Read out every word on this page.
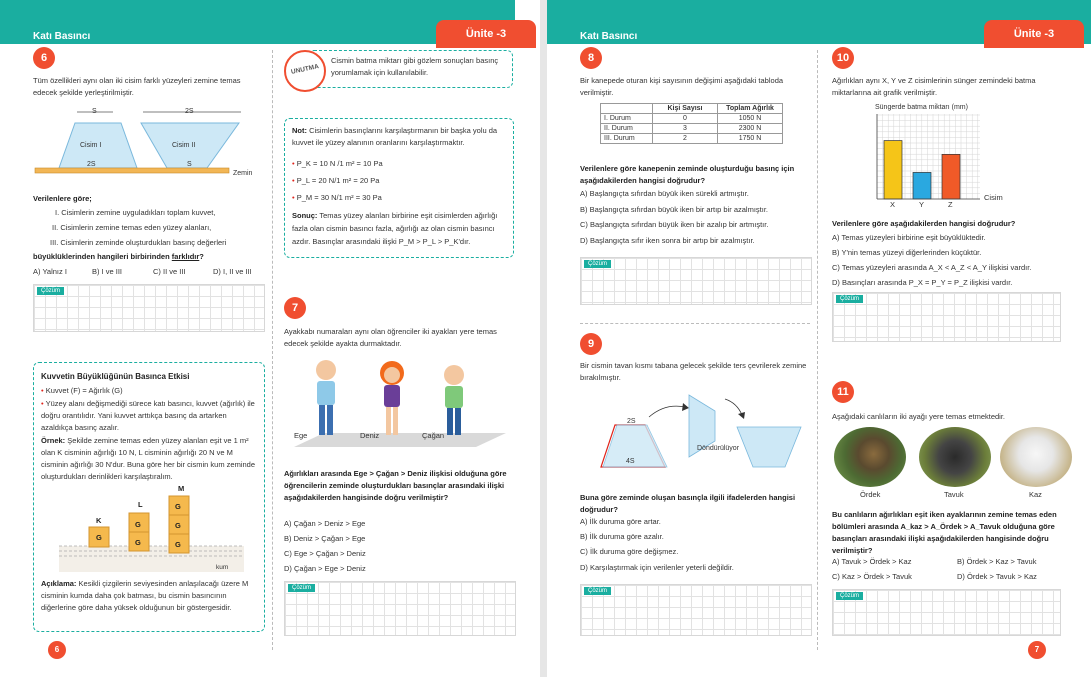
Katı Basıncı	Ünite -3
6
Tüm özellikleri aynı olan iki cisim farklı yüzeyleri zemine temas edecek şekilde yerleştirilmiştir.
S	2S
Cisim I	Cisim II
2S	S
Zemin
Verilenlere göre;
I. Cisimlerin zemine uyguladıkları toplam kuvvet,
II. Cisimlerin zemine temas eden yüzey alanları,
III. Cisimlerin zeminde oluşturdukları basınç değerleri
büyüklüklerinden hangileri birbirinden farklıdır?
A) Yalnız I	B) I ve III	C) II ve III	D) I, II ve III
Çözüm
Cismin batma miktarı gibi gözlem sonuçları basınç yorumlamak için kullanılabilir.
UNUTMA
Not: Cisimlerin basınçlarını karşılaştırmanın bir başka yolu da kuvvet ile yüzey alanının oranlarını karşılaştırmaktır.
• P_K = 10 N /1 m² = 10 Pa
• P_L = 20 N/1 m² = 20 Pa
• P_M = 30 N/1 m² = 30 Pa
Sonuç: Temas yüzey alanları birbirine eşit cisimlerden ağırlığı fazla olan cismin basıncı fazla, ağırlığı az olan cismin basıncı azdır. Basınçlar arasındaki ilişki P_M > P_L > P_K'dır.
Kuvvetin Büyüklüğünün Basınca Etkisi
• Kuvvet (F) = Ağırlık (G)
• Yüzey alanı değişmediği sürece katı basıncı, kuvvet (ağırlık) ile doğru orantılıdır. Yani kuvvet arttıkça basınç da artarken azaldıkça basınç azalır.
Örnek: Şekilde zemine temas eden yüzey alanları eşit ve 1 m² olan K cisminin ağırlığı 10 N, L cisminin ağırlığı 20 N ve M cisminin ağırlığı 30 N'dur. Buna göre her bir cismin kum zeminde oluşturdukları derinlikleri karşılaştıralım.
M
L
K
G
G
G
G
G
G
kum
Açıklama: Kesikli çizgilerin seviyesinden anlaşılacağı üzere M cisminin kumda daha çok batması, bu cismin basıncının diğerlerine göre daha yüksek olduğunun bir göstergesidir.
7
Ayakkabı numaraları aynı olan öğrenciler iki ayakları yere temas edecek şekilde ayakta durmaktadır.
Ege	Deniz	Çağan
Ağırlıkları arasında Ege > Çağan > Deniz ilişkisi olduğuna göre öğrencilerin zeminde oluşturdukları basınçlar arasındaki ilişki aşağıdakilerden hangisinde doğru verilmiştir?
A) Çağan > Deniz > Ege
B) Deniz > Çağan > Ege
C) Ege > Çağan > Deniz
D) Çağan > Ege > Deniz
Çözüm
6
Katı Basıncı	Ünite -3
8
Bir kanepede oturan kişi sayısının değişimi aşağıdaki tabloda verilmiştir.
	Kişi Sayısı	Toplam Ağırlık
I. Durum	0	1050 N
II. Durum	3	2300 N
III. Durum	2	1750 N
Verilenlere göre kanepenin zeminde oluşturduğu basınç için aşağıdakilerden hangisi doğrudur?
A) Başlangıçta sıfırdan büyük iken sürekli artmıştır.
B) Başlangıçta sıfırdan büyük iken bir artıp bir azalmıştır.
C) Başlangıçta sıfırdan büyük iken bir azalıp bir artmıştır.
D) Başlangıçta sıfır iken sonra bir artıp bir azalmıştır.
Çözüm
9
Bir cismin tavan kısmı tabana gelecek şekilde ters çevrilerek zemine bırakılmıştır.
2S
4S
Döndürülüyor
Buna göre zeminde oluşan basınçla ilgili ifadelerden hangisi doğrudur?
A) İlk duruma göre artar.
B) İlk duruma göre azalır.
C) İlk duruma göre değişmez.
D) Karşılaştırmak için verilenler yeterli değildir.
Çözüm
10
Ağırlıkları aynı X, Y ve Z cisimlerinin sünger zemindeki batma miktarlarına ait grafik verilmiştir.
Süngerde batma miktarı (mm)
X	Y	Z
Cisim
Verilenlere göre aşağıdakilerden hangisi doğrudur?
A) Temas yüzeyleri birbirine eşit büyüklüktedir.
B) Y'nin temas yüzeyi diğerlerinden küçüktür.
C) Temas yüzeyleri arasında A_X < A_Z < A_Y ilişkisi vardır.
D) Basınçları arasında P_X = P_Y = P_Z ilişkisi vardır.
Çözüm
11
Aşağıdaki canlıların iki ayağı yere temas etmektedir.
Ördek	Tavuk	Kaz
Bu canlıların ağırlıkları eşit iken ayaklarının zemine temas eden bölümleri arasında A_kaz > A_Ördek > A_Tavuk olduğuna göre basınçları arasındaki ilişki aşağıdakilerden hangisinde doğru verilmiştir?
A) Tavuk > Ördek > Kaz	B) Ördek > Kaz > Tavuk
C) Kaz > Ördek > Tavuk	D) Ördek > Tavuk > Kaz
Çözüm
7
